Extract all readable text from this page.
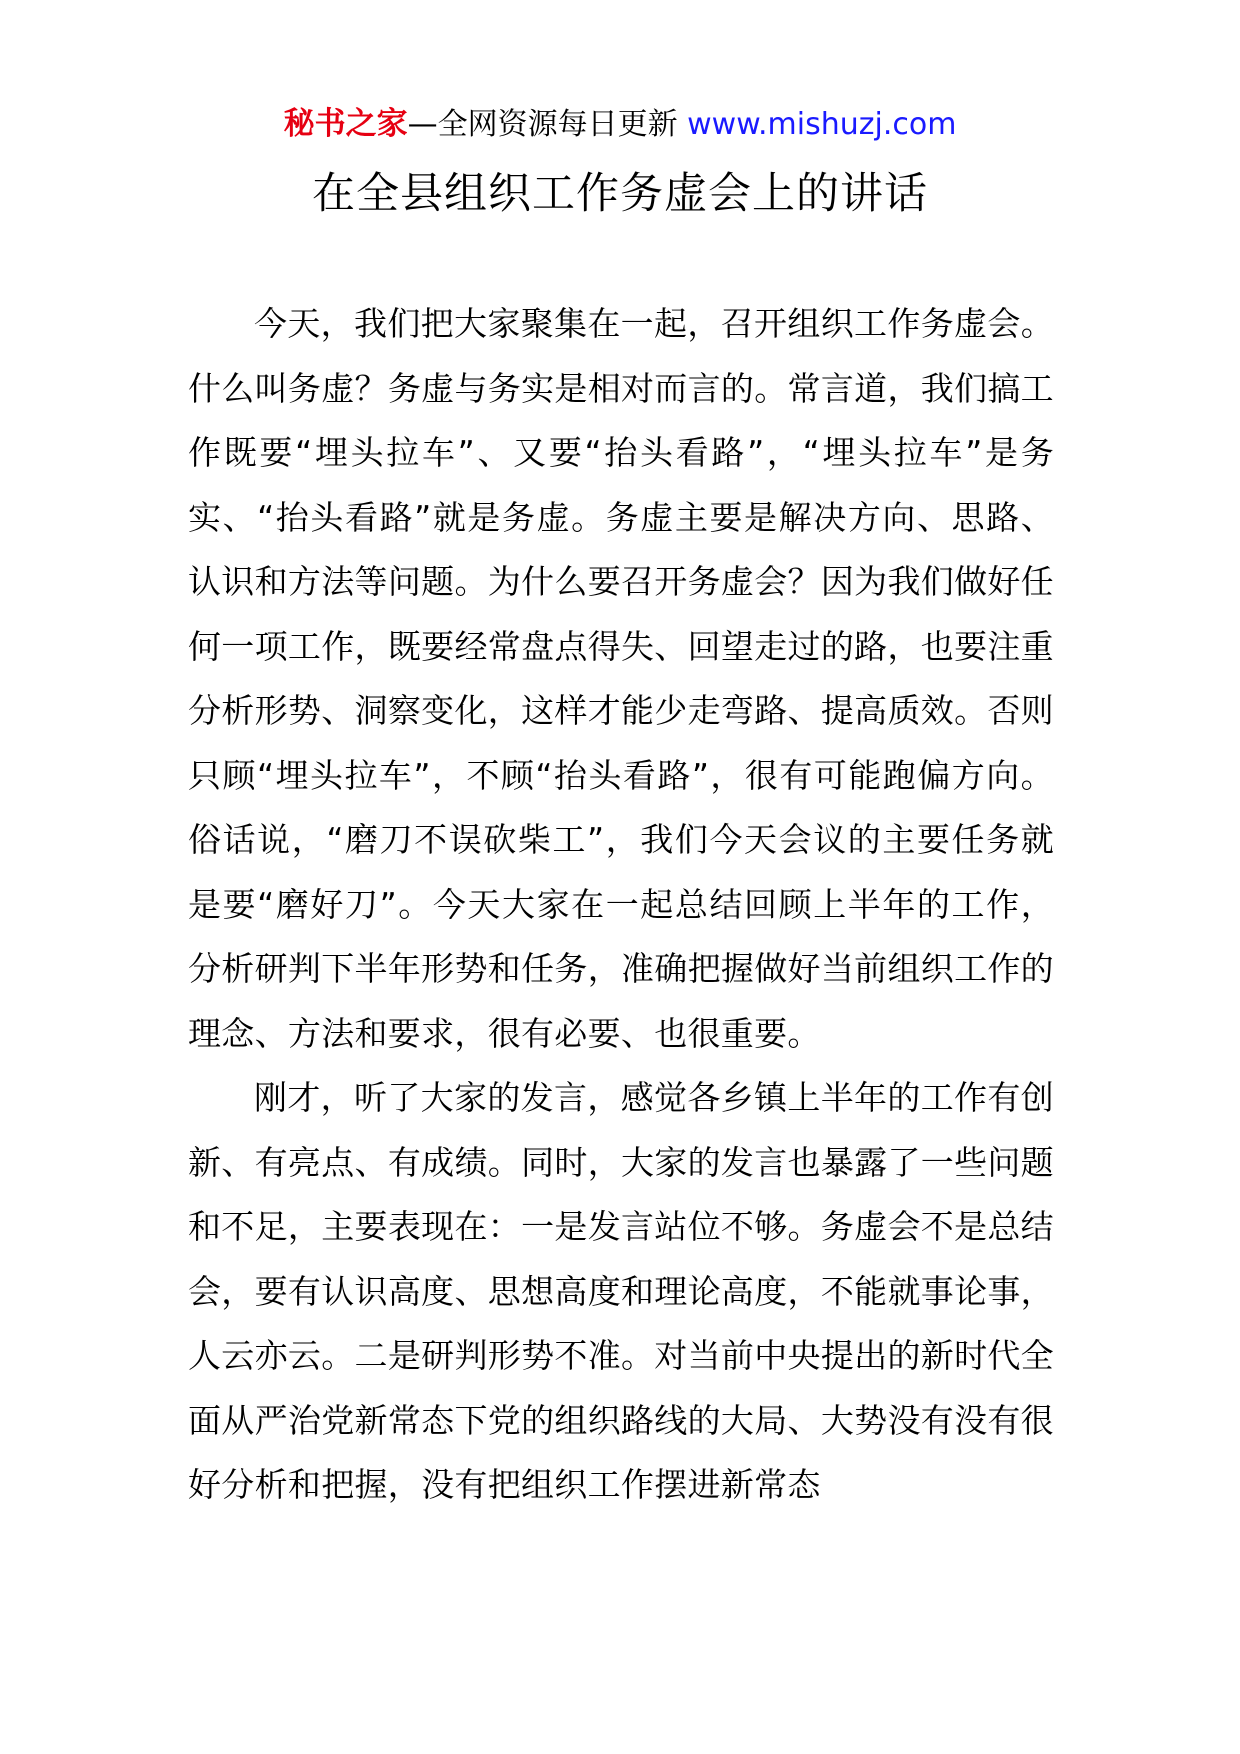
秘书之家—全网资源每日更新 www.mishuzj.com
在全县组织工作务虚会上的讲话

今天，我们把大家聚集在一起，召开组织工作务虚会。什么叫务虚？务虚与务实是相对而言的。常言道，我们搞工作既要“埋头拉车”、又要“抬头看路”，“埋头拉车”是务实、“抬头看路”就是务虚。务虚主要是解决方向、思路、认识和方法等问题。为什么要召开务虚会？因为我们做好任何一项工作，既要经常盘点得失、回望走过的路，也要注重分析形势、洞察变化，这样才能少走弯路、提高质效。否则只顾“埋头拉车”，不顾“抬头看路”，很有可能跑偏方向。俗话说，“磨刀不误砍柴工”，我们今天会议的主要任务就是要“磨好刀”。今天大家在一起总结回顾上半年的工作，分析研判下半年形势和任务，准确把握做好当前组织工作的理念、方法和要求，很有必要、也很重要。

刚才，听了大家的发言，感觉各乡镇上半年的工作有创新、有亮点、有成绩。同时，大家的发言也暴露了一些问题和不足，主要表现在：一是发言站位不够。务虚会不是总结会，要有认识高度、思想高度和理论高度，不能就事论事，人云亦云。二是研判形势不准。对当前中央提出的新时代全面从严治党新常态下党的组织路线的大局、大势没有没有很好分析和把握，没有把组织工作摆进新常态
